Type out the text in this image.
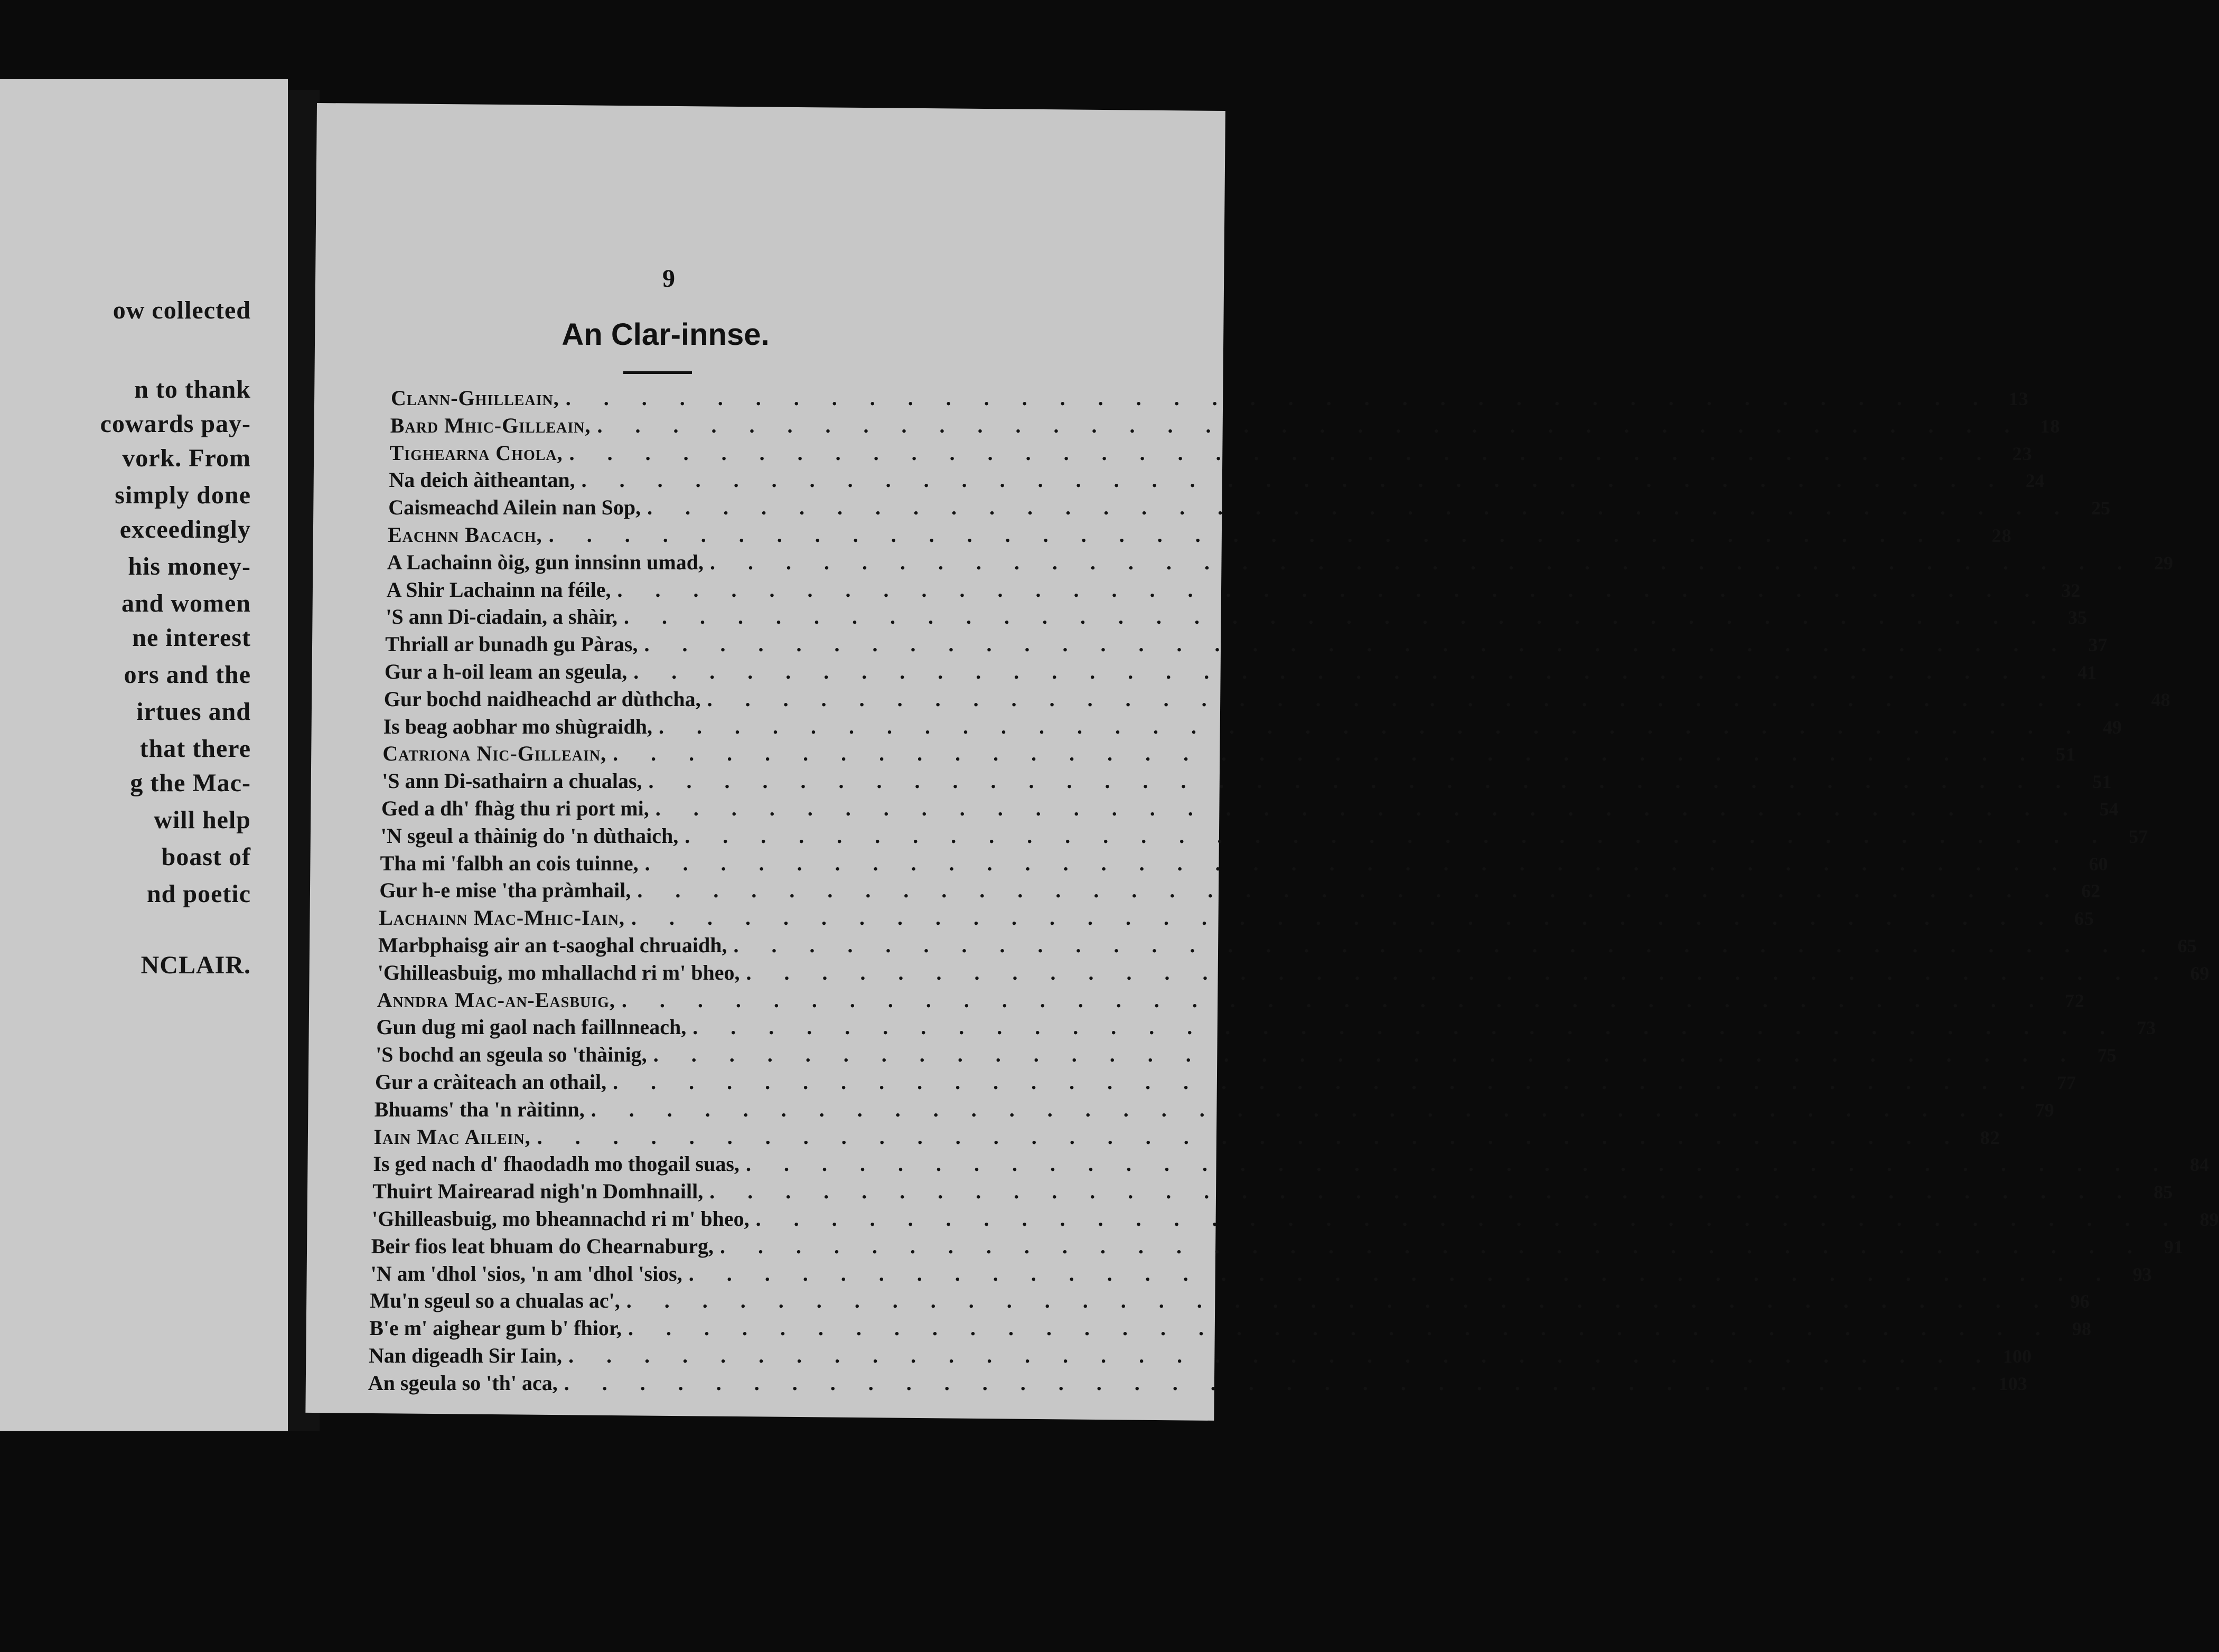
ow collected
n to thank
cowards pay-
vork. From
simply done
exceedingly
his money-
and women
ne interest
ors and the
irtues and
that there
g the Mac-
will help
boast of
nd poetic
NCLAIR.
9
An Clar-innse.
Clann-Ghilleain, . . . . . . . . . . . . . . . . . . . . . . . . . . . . . . . . . . . . . . 13
Bard Mhic-Gilleain, . . . . . . . . . . . . . . . . . . . . . . . . . . . . . . . . . . . . . . 18
Tighearna Chola, . . . . . . . . . . . . . . . . . . . . . . . . . . . . . . . . . . . . . . 23
Na deich àitheantan, . . . . . . . . . . . . . . . . . . . . . . . . . . . . . . . . . . . . . . 24
Caismeachd Ailein nan Sop, . . . . . . . . . . . . . . . . . . . . . . . . . . . . . . . . . . . . . . 25
Eachnn Bacach, . . . . . . . . . . . . . . . . . . . . . . . . . . . . . . . . . . . . . . 28
A Lachainn òig, gun innsinn umad, . . . . . . . . . . . . . . . . . . . . . . . . . . . . . . . . . . . . . . 29
A Shir Lachainn na féile, . . . . . . . . . . . . . . . . . . . . . . . . . . . . . . . . . . . . . . 32
'S ann Di-ciadain, a shàir, . . . . . . . . . . . . . . . . . . . . . . . . . . . . . . . . . . . . . . 35
Thriall ar bunadh gu Pàras, . . . . . . . . . . . . . . . . . . . . . . . . . . . . . . . . . . . . . . 37
Gur a h-oil leam an sgeula, . . . . . . . . . . . . . . . . . . . . . . . . . . . . . . . . . . . . . . 41
Gur bochd naidheachd ar dùthcha, . . . . . . . . . . . . . . . . . . . . . . . . . . . . . . . . . . . . . . 48
Is beag aobhar mo shùgraidh, . . . . . . . . . . . . . . . . . . . . . . . . . . . . . . . . . . . . . . 49
Catriona Nic-Gilleain, . . . . . . . . . . . . . . . . . . . . . . . . . . . . . . . . . . . . . . 51
'S ann Di-sathairn a chualas, . . . . . . . . . . . . . . . . . . . . . . . . . . . . . . . . . . . . . . 51
Ged a dh' fhàg thu ri port mi, . . . . . . . . . . . . . . . . . . . . . . . . . . . . . . . . . . . . . . 54
'N sgeul a thàinig do 'n dùthaich, . . . . . . . . . . . . . . . . . . . . . . . . . . . . . . . . . . . . . . 57
Tha mi 'falbh an cois tuinne, . . . . . . . . . . . . . . . . . . . . . . . . . . . . . . . . . . . . . . 60
Gur h-e mise 'tha pràmhail, . . . . . . . . . . . . . . . . . . . . . . . . . . . . . . . . . . . . . . 62
Lachainn Mac-Mhic-Iain, . . . . . . . . . . . . . . . . . . . . . . . . . . . . . . . . . . . . . . 65
Marbphaisg air an t-saoghal chruaidh, . . . . . . . . . . . . . . . . . . . . . . . . . . . . . . . . . . . . . . 65
'Ghilleasbuig, mo mhallachd ri m' bheo, . . . . . . . . . . . . . . . . . . . . . . . . . . . . . . . . . . . . . . 69
Anndra Mac-an-Easbuig, . . . . . . . . . . . . . . . . . . . . . . . . . . . . . . . . . . . . . . 72
Gun dug mi gaol nach faillnneach, . . . . . . . . . . . . . . . . . . . . . . . . . . . . . . . . . . . . . . 73
'S bochd an sgeula so 'thàinig, . . . . . . . . . . . . . . . . . . . . . . . . . . . . . . . . . . . . . . 75
Gur a cràiteach an othail, . . . . . . . . . . . . . . . . . . . . . . . . . . . . . . . . . . . . . . 77
Bhuams' tha 'n ràitinn, . . . . . . . . . . . . . . . . . . . . . . . . . . . . . . . . . . . . . . 79
Iain Mac Ailein, . . . . . . . . . . . . . . . . . . . . . . . . . . . . . . . . . . . . . . 82
Is ged nach d' fhaodadh mo thogail suas, . . . . . . . . . . . . . . . . . . . . . . . . . . . . . . . . . . . . . . 84
Thuirt Mairearad nigh'n Domhnaill, . . . . . . . . . . . . . . . . . . . . . . . . . . . . . . . . . . . . . . 85
'Ghilleasbuig, mo bheannachd ri m' bheo, . . . . . . . . . . . . . . . . . . . . . . . . . . . . . . . . . . . . . . 89
Beir fios leat bhuam do Chearnaburg, . . . . . . . . . . . . . . . . . . . . . . . . . . . . . . . . . . . . . . 91
'N am 'dhol 'sios, 'n am 'dhol 'sios, . . . . . . . . . . . . . . . . . . . . . . . . . . . . . . . . . . . . . . 93
Mu'n sgeul so a chualas ac', . . . . . . . . . . . . . . . . . . . . . . . . . . . . . . . . . . . . . . 96
B'e m' aighear gum b' fhior, . . . . . . . . . . . . . . . . . . . . . . . . . . . . . . . . . . . . . . 98
Nan digeadh Sir Iain, . . . . . . . . . . . . . . . . . . . . . . . . . . . . . . . . . . . . . . 100
An sgeula so 'th' aca, . . . . . . . . . . . . . . . . . . . . . . . . . . . . . . . . . . . . . . 103
